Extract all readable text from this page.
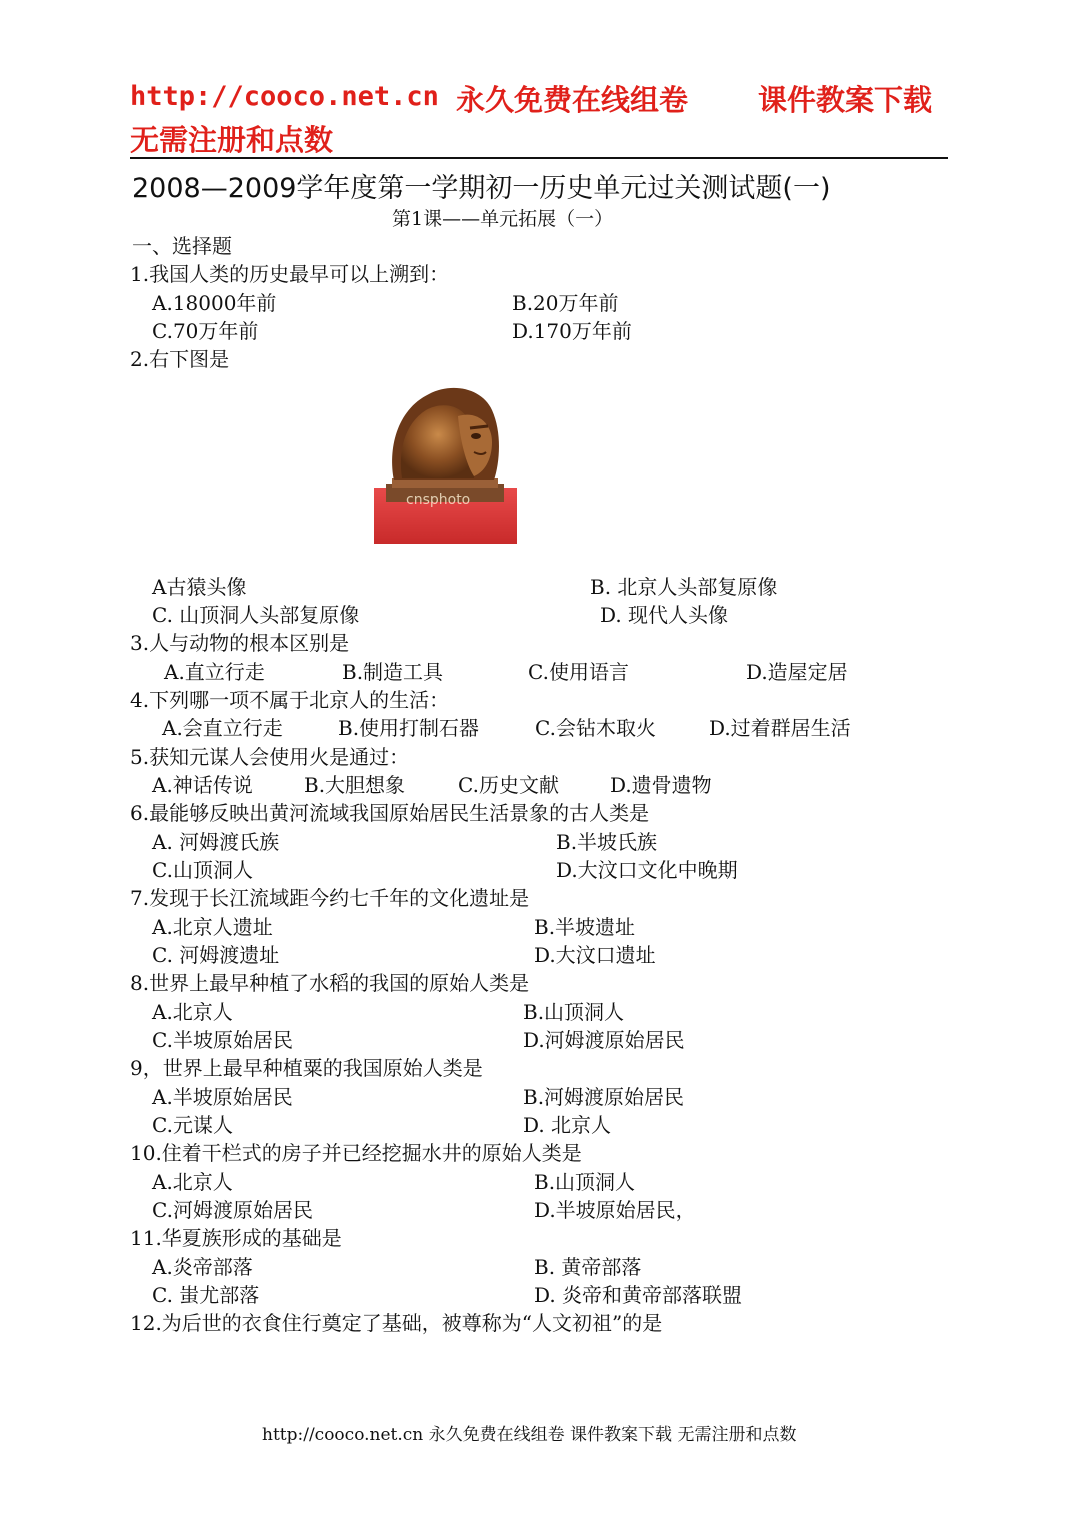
http://cooco.net.cn 永久免费在线组卷 课件教案下载
无需注册和点数
2008—2009学年度第一学期初一历史单元过关测试题(一)
第1课——单元拓展（一）
一、选择题
1.我国人类的历史最早可以上溯到：
A.18000年前	B.20万年前
C.70万年前	D.170万年前
2.右下图是
cnsphoto
A古猿头像	B. 北京人头部复原像
C. 山顶洞人头部复原像	D. 现代人头像
3.人与动物的根本区别是
A.直立行走	B.制造工具	C.使用语言	D.造屋定居
4.下列哪一项不属于北京人的生活：
A.会直立行走	B.使用打制石器	C.会钻木取火	D.过着群居生活
5.获知元谋人会使用火是通过：
A.神话传说	B.大胆想象	C.历史文献	D.遗骨遗物
6.最能够反映出黄河流域我国原始居民生活景象的古人类是
A. 河姆渡氏族	B.半坡氏族
C.山顶洞人	D.大汶口文化中晚期
7.发现于长江流域距今约七千年的文化遗址是
A.北京人遗址	B.半坡遗址
C. 河姆渡遗址	D.大汶口遗址
8.世界上最早种植了水稻的我国的原始人类是
A.北京人	B.山顶洞人
C.半坡原始居民	D.河姆渡原始居民
9，世界上最早种植粟的我国原始人类是
A.半坡原始居民	B.河姆渡原始居民
C.元谋人	D. 北京人
10.住着干栏式的房子并已经挖掘水井的原始人类是
A.北京人	B.山顶洞人
C.河姆渡原始居民	D.半坡原始居民，
11.华夏族形成的基础是
A.炎帝部落	B. 黄帝部落
C. 蚩尤部落	D. 炎帝和黄帝部落联盟
12.为后世的衣食住行奠定了基础，被尊称为“人文初祖”的是
http://cooco.net.cn 永久免费在线组卷 课件教案下载 无需注册和点数
